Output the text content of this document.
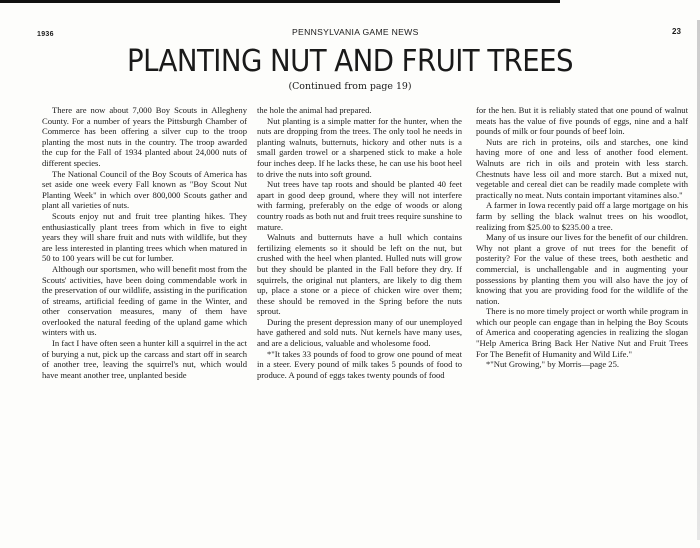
1936	PENNSYLVANIA GAME NEWS	23
PLANTING NUT AND FRUIT TREES
(Continued from page 19)

There are now about 7,000 Boy Scouts in Allegheny County. For a number of years the Pittsburgh Chamber of Commerce has been offering a silver cup to the troop planting the most nuts in the country. The troop awarded the cup for the Fall of 1934 planted about 24,000 nuts of different species.

The National Council of the Boy Scouts of America has set aside one week every Fall known as "Boy Scout Nut Planting Week" in which over 800,000 Scouts gather and plant all varieties of nuts.

Scouts enjoy nut and fruit tree planting hikes. They enthusiastically plant trees from which in five to eight years they will share fruit and nuts with wildlife, but they are less interested in planting trees which when matured in 50 to 100 years will be cut for lumber.

Although our sportsmen, who will benefit most from the Scouts' activities, have been doing commendable work in the preservation of our wildlife, assisting in the purification of streams, artificial feeding of game in the Winter, and other conservation measures, many of them have overlooked the natural feeding of the upland game which winters with us.

In fact I have often seen a hunter kill a squirrel in the act of burying a nut, pick up the carcass and start off in search of another tree, leaving the squirrel's nut, which would have meant another tree, unplanted beside

the hole the animal had prepared.

Nut planting is a simple matter for the hunter, when the nuts are dropping from the trees. The only tool he needs in planting walnuts, butternuts, hickory and other nuts is a small garden trowel or a sharpened stick to make a hole four inches deep. If he lacks these, he can use his boot heel to drive the nuts into soft ground.

Nut trees have tap roots and should be planted 40 feet apart in good deep ground, where they will not interfere with farming, preferably on the edge of woods or along country roads as both nut and fruit trees require sunshine to mature.

Walnuts and butternuts have a hull which contains fertilizing elements so it should be left on the nut, but crushed with the heel when planted. Hulled nuts will grow but they should be planted in the Fall before they dry. If squirrels, the original nut planters, are likely to dig them up, place a stone or a piece of chicken wire over them; these should be removed in the Spring before the nuts sprout.

During the present depression many of our unemployed have gathered and sold nuts. Nut kernels have many uses, and are a delicious, valuable and wholesome food.

*"It takes 33 pounds of food to grow one pound of meat in a steer. Every pound of milk takes 5 pounds of food to produce. A pound of eggs takes twenty pounds of food

for the hen. But it is reliably stated that one pound of walnut meats has the value of five pounds of eggs, nine and a half pounds of milk or four pounds of beef loin.

Nuts are rich in proteins, oils and starches, one kind having more of one and less of another food element. Walnuts are rich in oils and protein with less starch. Chestnuts have less oil and more starch. But a mixed nut, vegetable and cereal diet can be readily made complete with practically no meat. Nuts contain important vitamines also."

A farmer in Iowa recently paid off a large mortgage on his farm by selling the black walnut trees on his woodlot, realizing from $25.00 to $235.00 a tree.

Many of us insure our lives for the benefit of our children. Why not plant a grove of nut trees for the benefit of posterity? For the value of these trees, both aesthetic and commercial, is unchallengable and in augmenting your possessions by planting them you will also have the joy of knowing that you are providing food for the wildlife of the nation.

There is no more timely project or worth while program in which our people can engage than in helping the Boy Scouts of America and cooperating agencies in realizing the slogan "Help America Bring Back Her Native Nut and Fruit Trees For The Benefit of Humanity and Wild Life."

*"Nut Growing," by Morris—page 25.
